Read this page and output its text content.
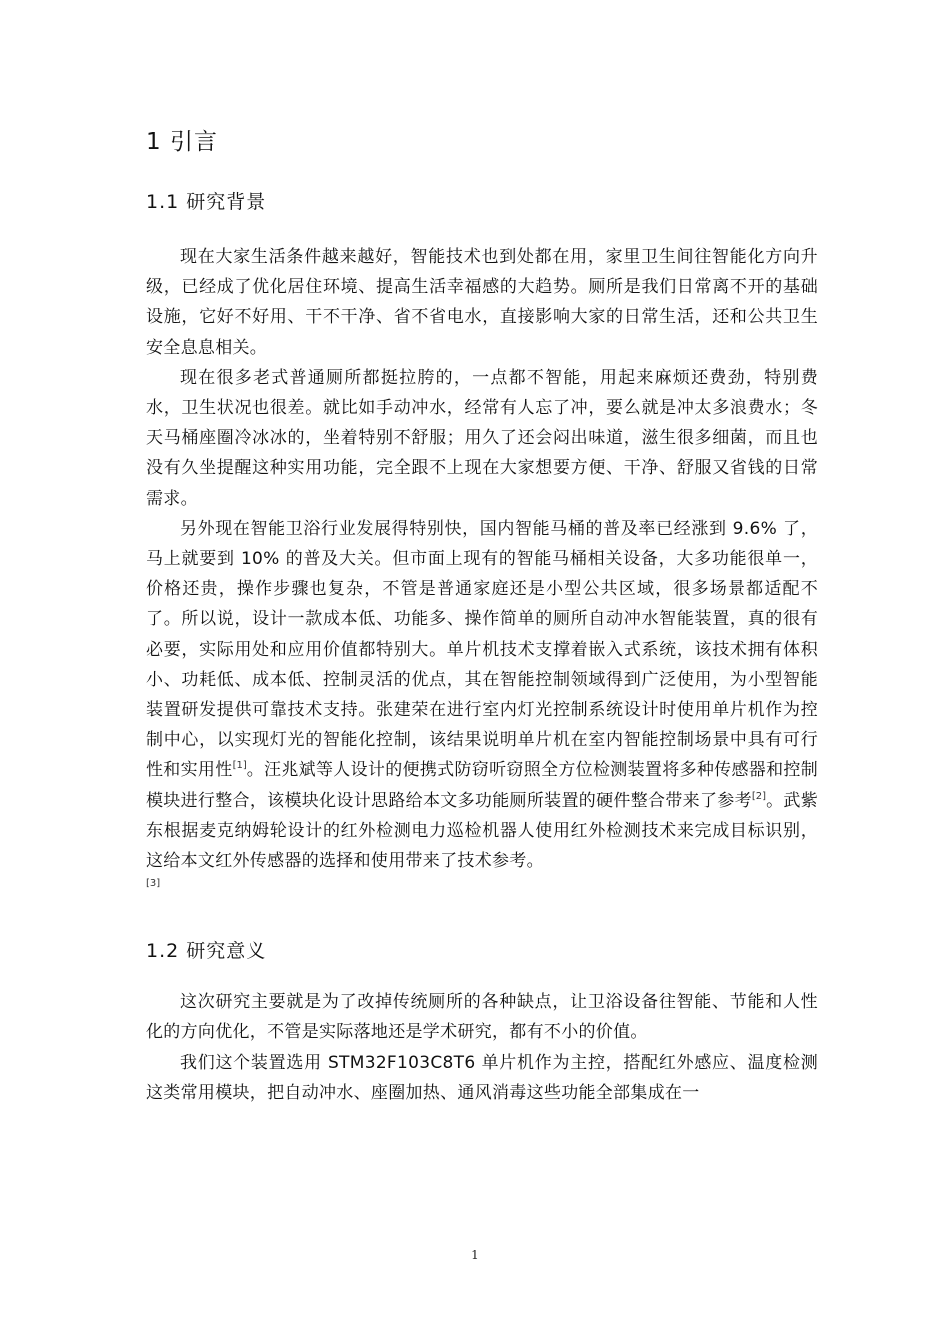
1 引言
1.1 研究背景

现在大家生活条件越来越好，智能技术也到处都在用，家里卫生间往智能化方向升级，已经成了优化居住环境、提高生活幸福感的大趋势。厕所是我们日常离不开的基础设施，它好不好用、干不干净、省不省电水，直接影响大家的日常生活，还和公共卫生安全息息相关。

现在很多老式普通厕所都挺拉胯的，一点都不智能，用起来麻烦还费劲，特别费水，卫生状况也很差。就比如手动冲水，经常有人忘了冲，要么就是冲太多浪费水；冬天马桶座圈冷冰冰的，坐着特别不舒服；用久了还会闷出味道，滋生很多细菌，而且也没有久坐提醒这种实用功能，完全跟不上现在大家想要方便、干净、舒服又省钱的日常需求。

另外现在智能卫浴行业发展得特别快，国内智能马桶的普及率已经涨到 9.6% 了，马上就要到 10% 的普及大关。但市面上现有的智能马桶相关设备，大多功能很单一，价格还贵，操作步骤也复杂，不管是普通家庭还是小型公共区域，很多场景都适配不了。所以说，设计一款成本低、功能多、操作简单的厕所自动冲水智能装置，真的很有必要，实际用处和应用价值都特别大。单片机技术支撑着嵌入式系统，该技术拥有体积小、功耗低、成本低、控制灵活的优点，其在智能控制领域得到广泛使用，为小型智能装置研发提供可靠技术支持。张建荣在进行室内灯光控制系统设计时使用单片机作为控制中心，以实现灯光的智能化控制，该结果说明单片机在室内智能控制场景中具有可行性和实用性[1]。汪兆斌等人设计的便携式防窃听窃照全方位检测装置将多种传感器和控制模块进行整合，该模块化设计思路给本文多功能厕所装置的硬件整合带来了参考[2]。武紫东根据麦克纳姆轮设计的红外检测电力巡检机器人使用红外检测技术来完成目标识别，这给本文红外传感器的选择和使用带来了技术参考。

[3]
1.2 研究意义

这次研究主要就是为了改掉传统厕所的各种缺点，让卫浴设备往智能、节能和人性化的方向优化，不管是实际落地还是学术研究，都有不小的价值。

我们这个装置选用 STM32F103C8T6 单片机作为主控，搭配红外感应、温度检测这类常用模块，把自动冲水、座圈加热、通风消毒这些功能全部集成在一

1
